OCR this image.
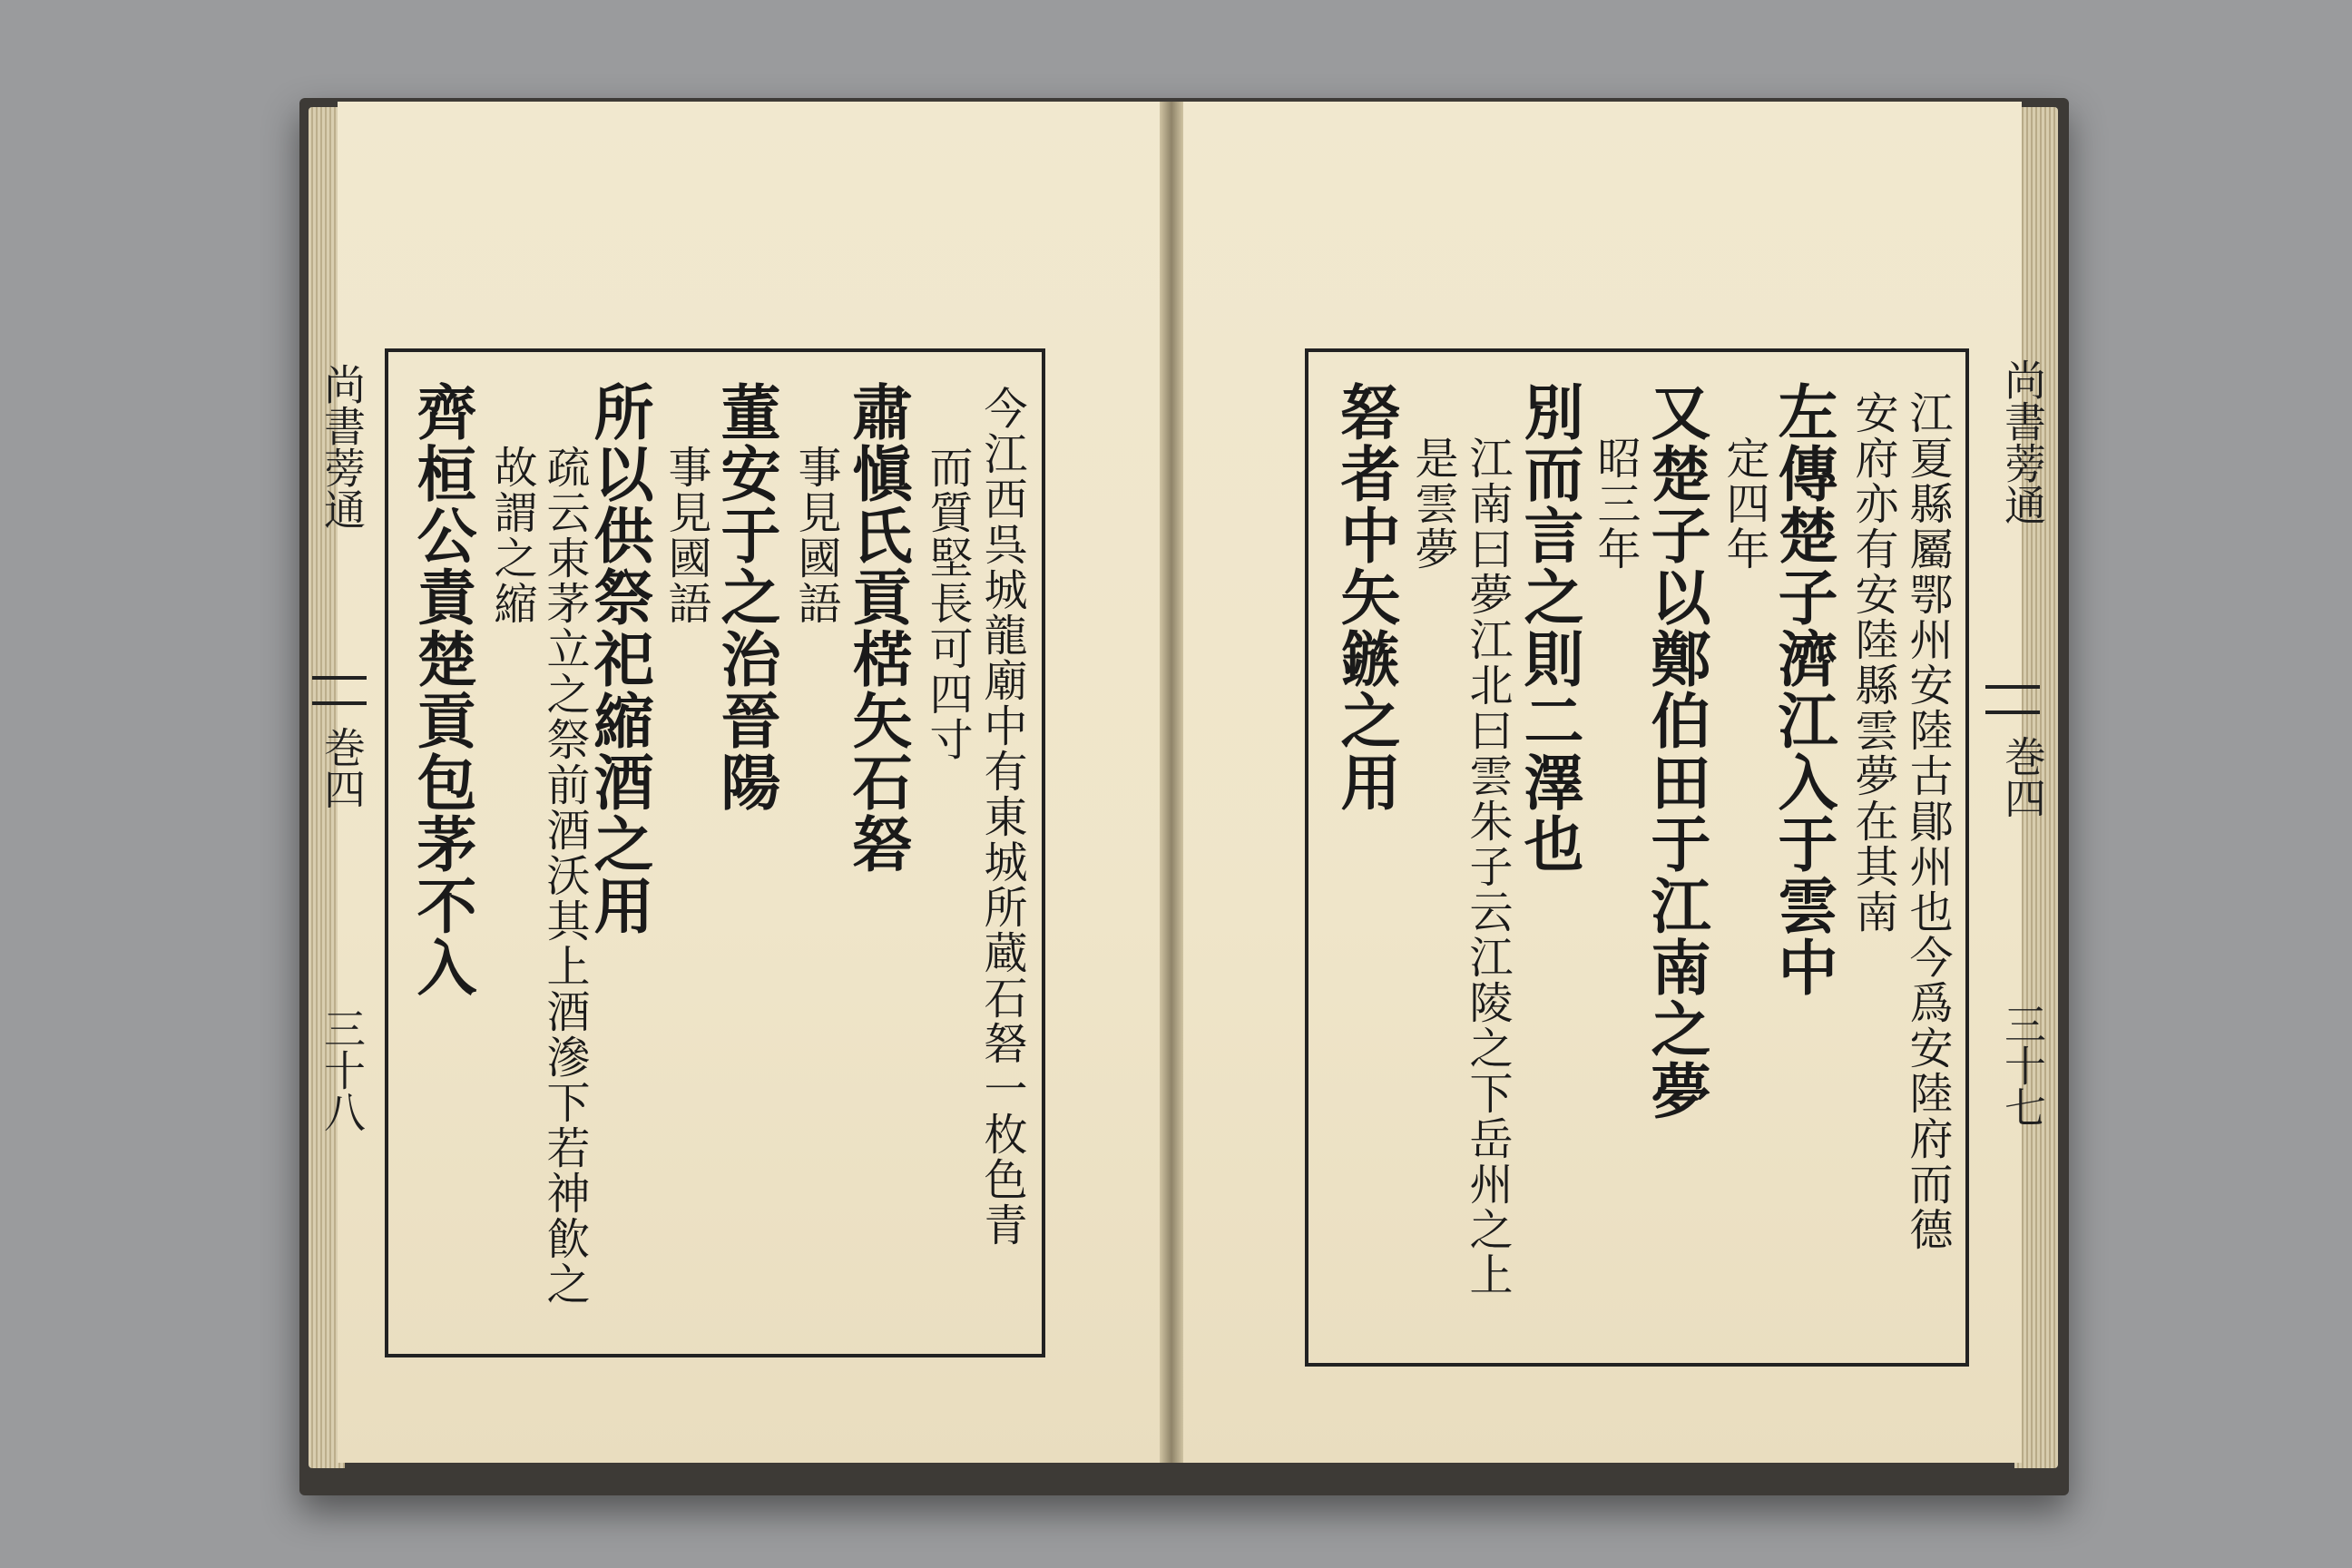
尚書蒡通
巻四
三十八
尚書蒡通
巻四
三十七
今江西呉城龍廟中有東城所蔵石砮一枚色青
而質堅長可四寸
肅愼氏貢楛矢石砮
事見國語
董安于之治晉陽
事見國語
所以供祭祀縮酒之用
疏云束茅立之祭前酒沃其上酒滲下若神飮之
故謂之縮
齊桓公責楚貢包茅不入	江夏縣屬鄂州安陸古鄖州也今爲安陸府而德
安府亦有安陸縣雲夢在其南
左傳楚子濟江入于雲中
定四年
又楚子以鄭伯田于江南之夢
昭三年
別而言之則二澤也
江南曰夢江北曰雲朱子云江陵之下岳州之上
是雲夢
砮者中矢鏃之用
